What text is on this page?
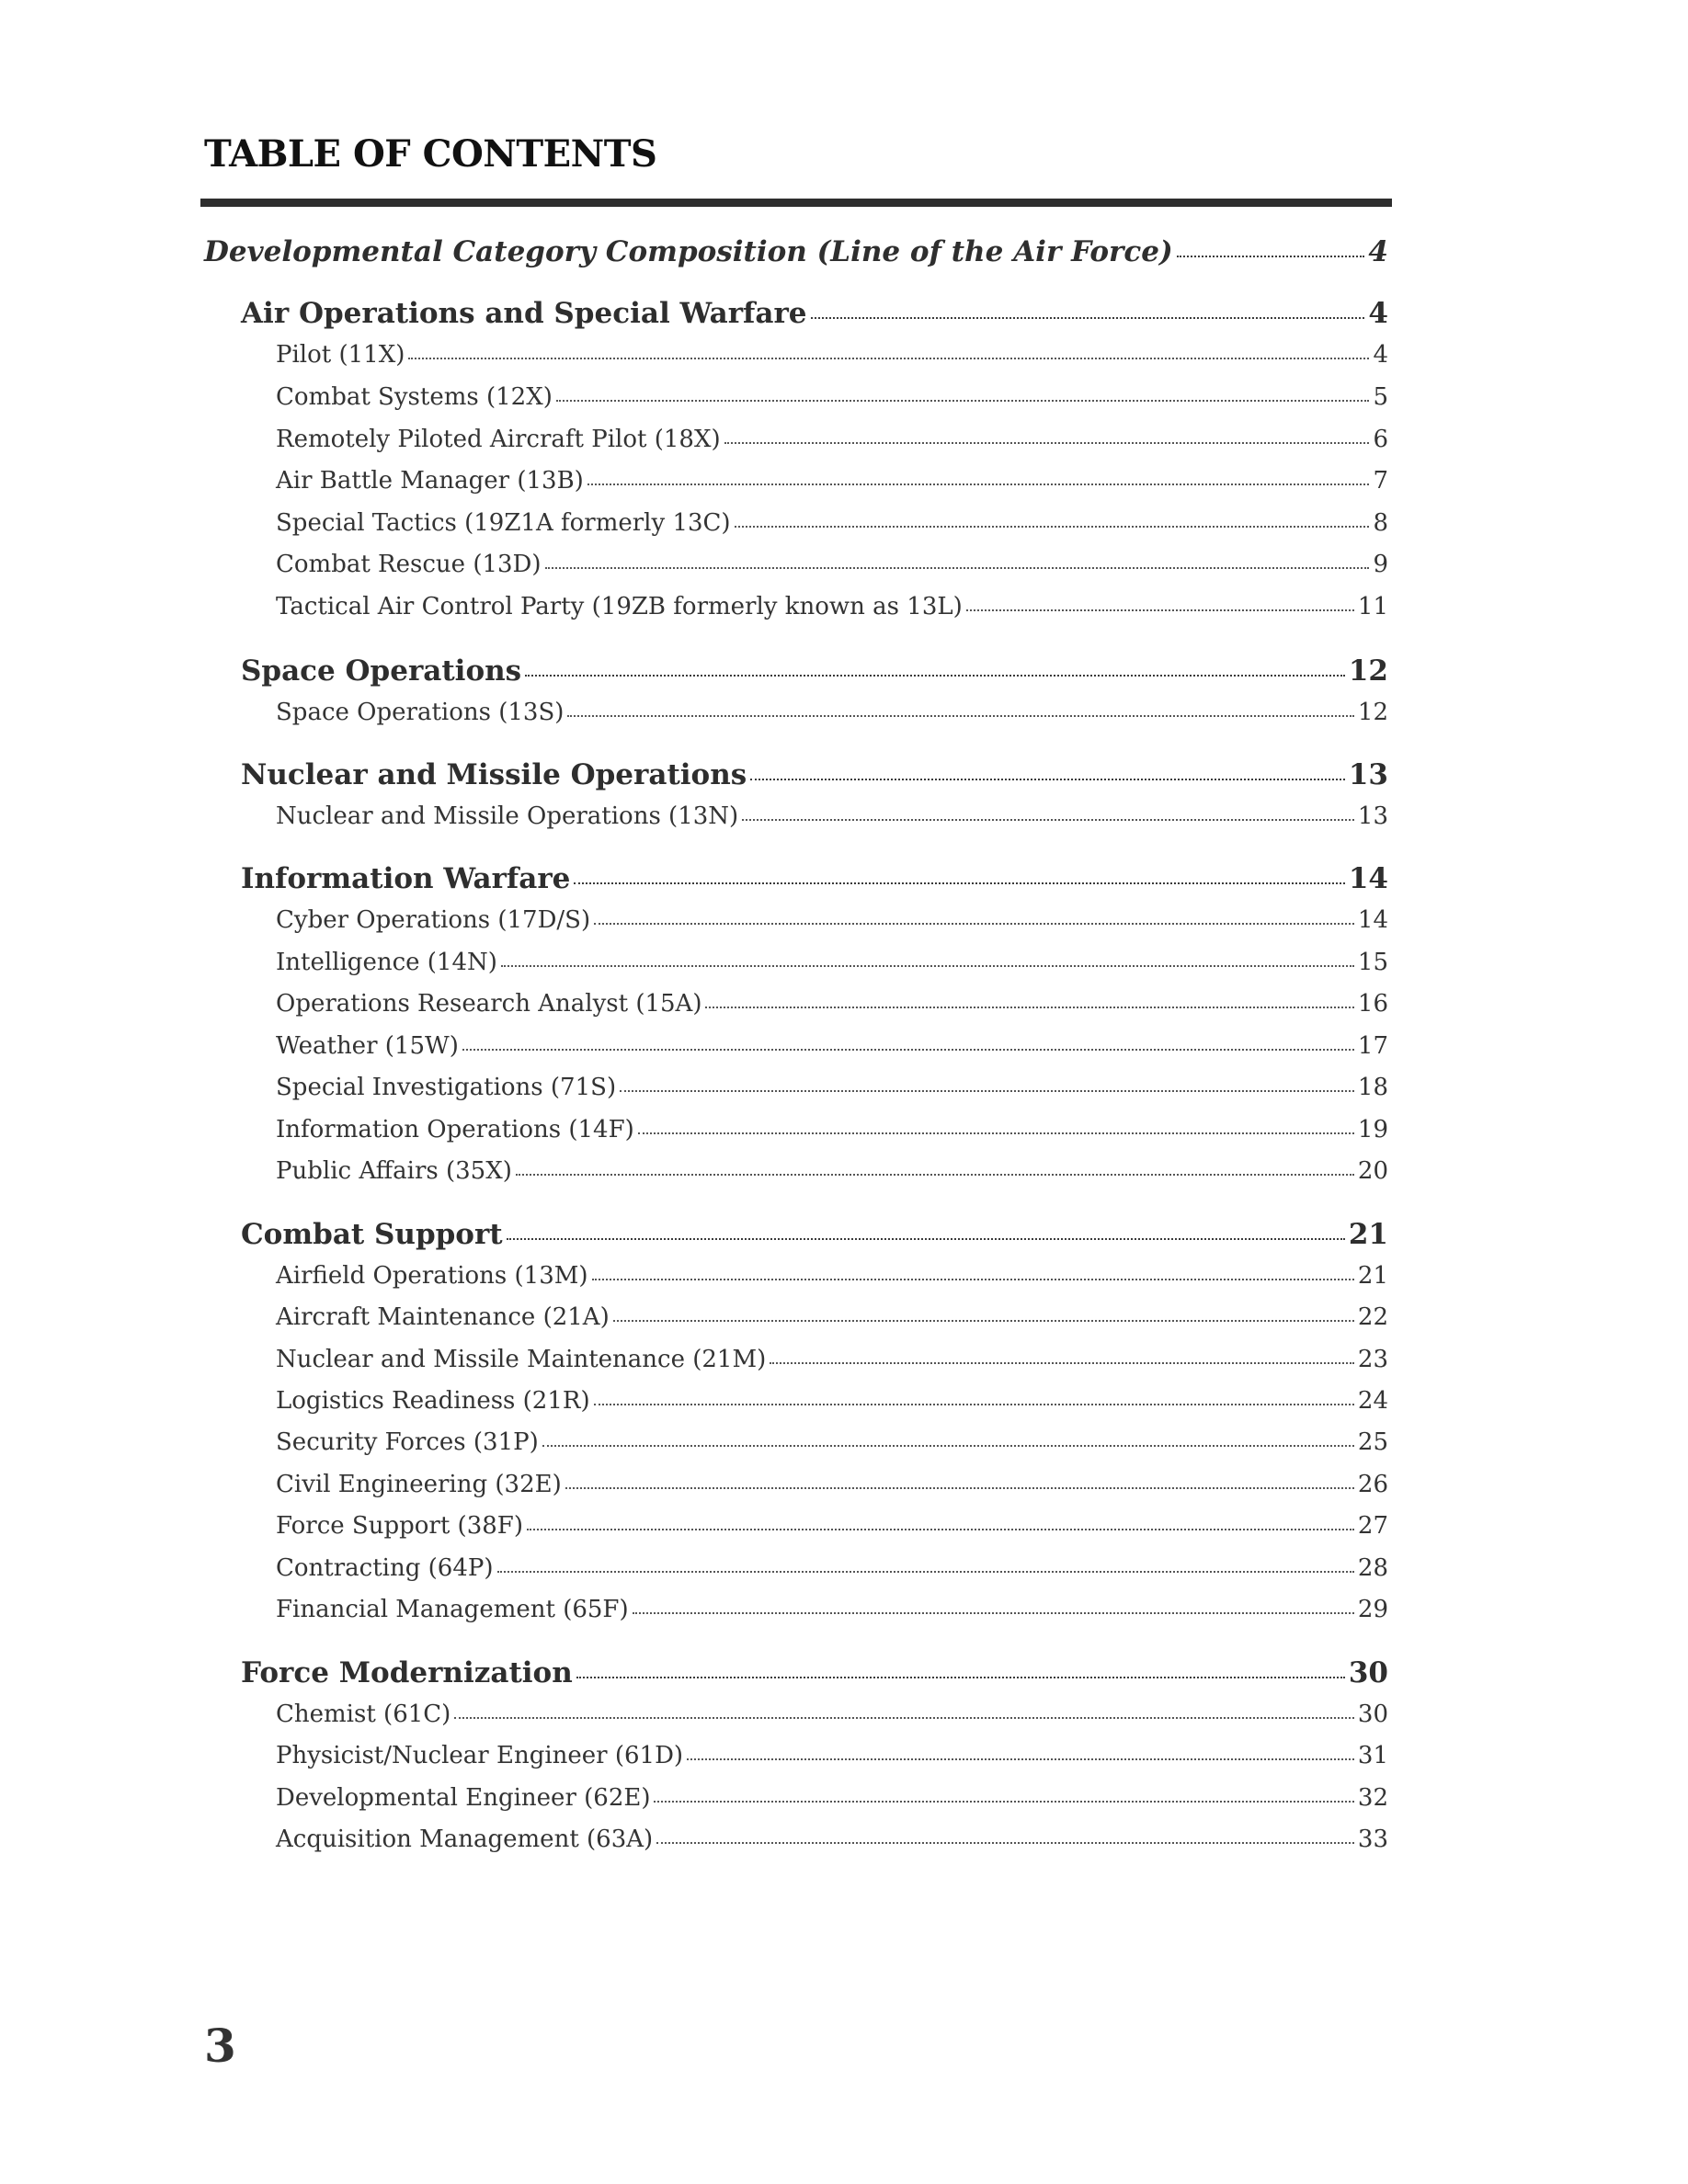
TABLE OF CONTENTS
Developmental Category Composition (Line of the Air Force)	4
Air Operations and Special Warfare	4
Pilot (11X)	4
Combat Systems (12X)	5
Remotely Piloted Aircraft Pilot (18X)	6
Air Battle Manager (13B)	7
Special Tactics (19Z1A formerly 13C)	8
Combat Rescue (13D)	9
Tactical Air Control Party (19ZB formerly known as 13L)	11
Space Operations	12
Space Operations (13S)	12
Nuclear and Missile Operations	13
Nuclear and Missile Operations (13N)	13
Information Warfare	14
Cyber Operations (17D/S)	14
Intelligence (14N)	15
Operations Research Analyst (15A)	16
Weather (15W)	17
Special Investigations (71S)	18
Information Operations (14F)	19
Public Affairs (35X)	20
Combat Support	21
Airfield Operations (13M)	21
Aircraft Maintenance (21A)	22
Nuclear and Missile Maintenance (21M)	23
Logistics Readiness (21R)	24
Security Forces (31P)	25
Civil Engineering (32E)	26
Force Support (38F)	27
Contracting (64P)	28
Financial Management (65F)	29
Force Modernization	30
Chemist (61C)	30
Physicist/Nuclear Engineer (61D)	31
Developmental Engineer (62E)	32
Acquisition Management (63A)	33
3
